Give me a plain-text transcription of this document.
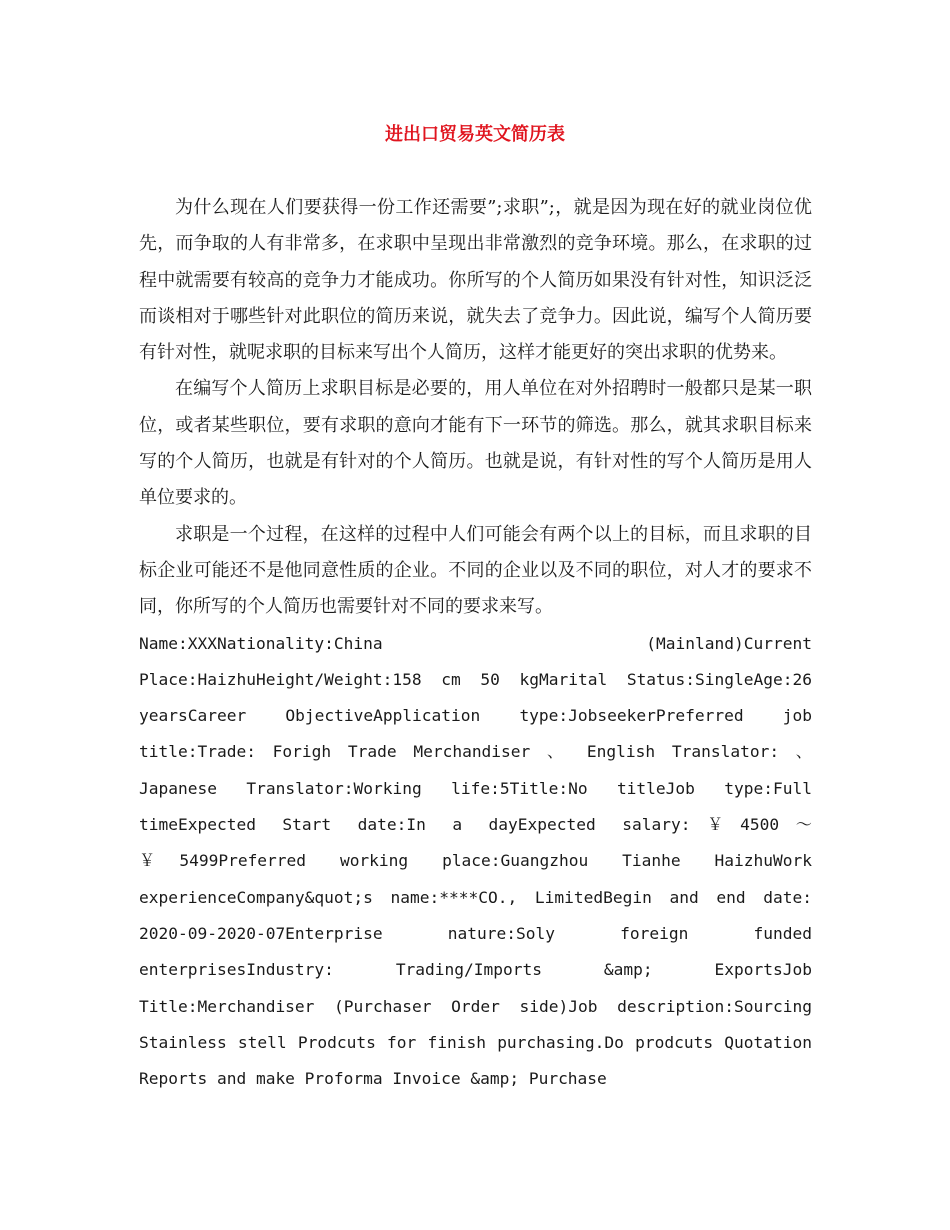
进出口贸易英文简历表

为什么现在人们要获得一份工作还需要”;求职”;，就是因为现在好的就业岗位优先，而争取的人有非常多，在求职中呈现出非常激烈的竞争环境。那么，在求职的过程中就需要有较高的竞争力才能成功。你所写的个人简历如果没有针对性，知识泛泛而谈相对于哪些针对此职位的简历来说，就失去了竞争力。因此说，编写个人简历要有针对性，就呢求职的目标来写出个人简历，这样才能更好的突出求职的优势来。

在编写个人简历上求职目标是必要的，用人单位在对外招聘时一般都只是某一职位，或者某些职位，要有求职的意向才能有下一环节的筛选。那么，就其求职目标来写的个人简历，也就是有针对的个人简历。也就是说，有针对性的写个人简历是用人单位要求的。

求职是一个过程，在这样的过程中人们可能会有两个以上的目标，而且求职的目标企业可能还不是他同意性质的企业。不同的企业以及不同的职位，对人才的要求不同，你所写的个人简历也需要针对不同的要求来写。

Name:XXXNationality:China (Mainland)Current Place:HaizhuHeight/Weight:158 cm 50 kgMarital Status:SingleAge:26 yearsCareer ObjectiveApplication type:JobseekerPreferred job title:Trade: Forigh Trade Merchandiser 、 English Translator: 、 Japanese Translator:Working life:5Title:No titleJob type:Full timeExpected Start date:In a dayExpected salary:￥4500～￥5499Preferred working place:Guangzhou Tianhe HaizhuWork experienceCompany&quot;s name:****CO., LimitedBegin and end date: 2020-09-2020-07Enterprise nature:Soly foreign funded enterprisesIndustry: Trading/Imports &amp; ExportsJob Title:Merchandiser (Purchaser Order side)Job description:Sourcing Stainless stell Prodcuts for finish purchasing.Do prodcuts Quotation Reports and make Proforma Invoice &amp; Purchase
